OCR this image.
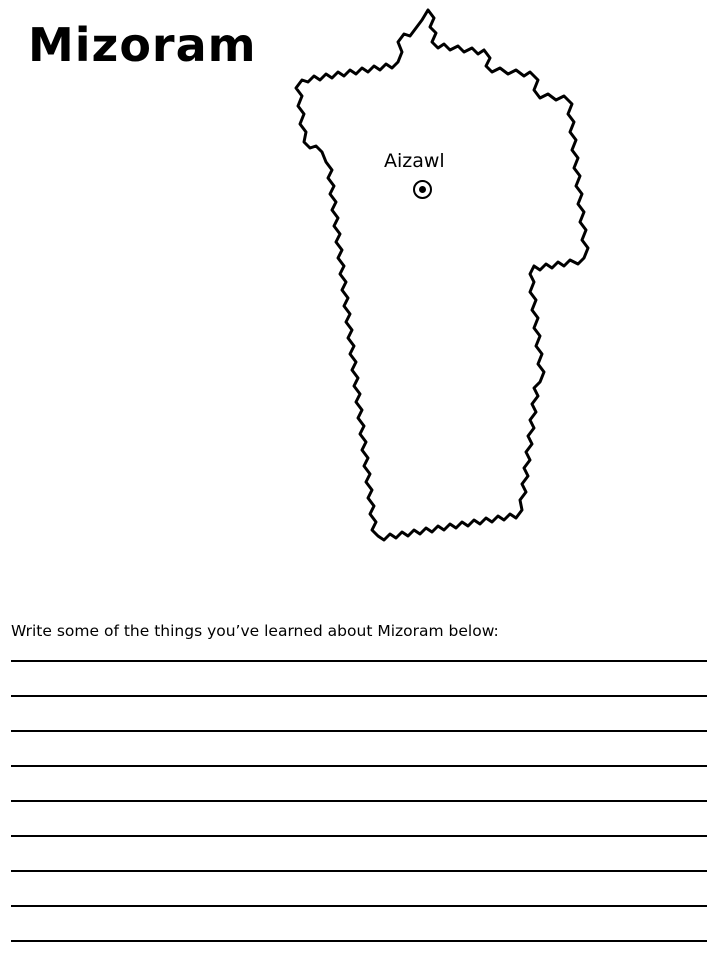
Mizoram
Aizawl
Write some of the things you’ve learned about Mizoram below:
